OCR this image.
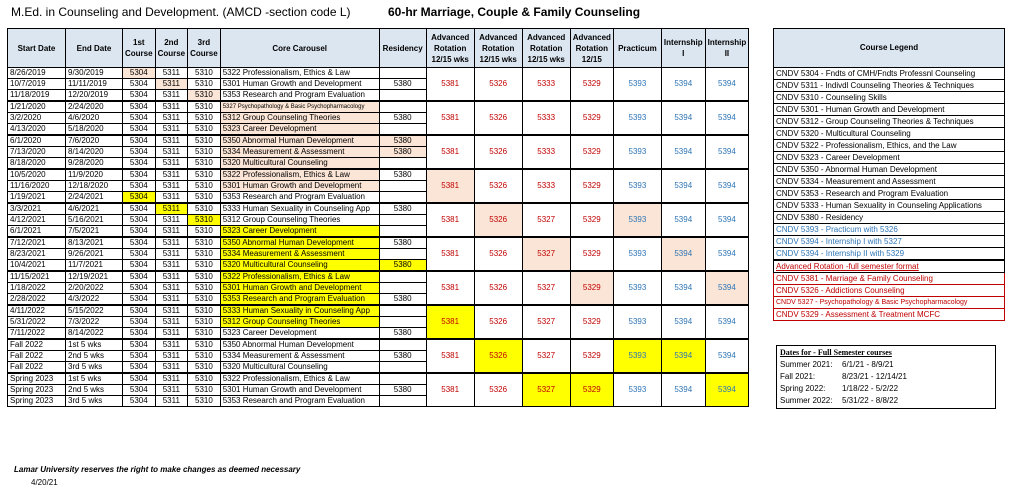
M.Ed. in Counseling and Development. (AMCD -section code L)	60-hr Marriage, Couple & Family Counseling
Start Date	End Date	1st Course	2nd Course	3rd Course	Core Carousel	Residency	Advanced Rotation 12/15 wks	Advanced Rotation 12/15 wks	Advanced Rotation 12/15 wks	Advanced Rotation 12/15	Practicum	Internship I	Internship II
8/26/2019	9/30/2019	5304	5311	5310	5322 Professionalism, Ethics & Law		5381	5326	5333	5329	5393	5394	5394
10/7/2019	11/11/2019	5304	5311	5310	5301 Human Growth and Development	5380							
11/18/2019	12/20/2019	5304	5311	5310	5353 Research and Program Evaluation								
1/21/2020	2/24/2020	5304	5311	5310	5327 Psychopathology & Basic Psychopharmacology		5381	5326	5333	5329	5393	5394	5394
3/2/2020	4/6/2020	5304	5311	5310	5312 Group Counseling Theories	5380							
4/13/2020	5/18/2020	5304	5311	5310	5323 Career Development								
6/1/2020	7/6/2020	5304	5311	5310	5350 Abnormal Human Development	5380	5381	5326	5333	5329	5393	5394	5394
7/13/2020	8/14/2020	5304	5311	5310	5334 Measurement & Assessment	5380							
8/18/2020	9/28/2020	5304	5311	5310	5320 Multicultural Counseling								
10/5/2020	11/9/2020	5304	5311	5310	5322 Professionalism, Ethics & Law	5380	5381	5326	5333	5329	5393	5394	5394
11/16/2020	12/18/2020	5304	5311	5310	5301 Human Growth and Development								
1/19/2021	2/24/2021	5304	5311	5310	5353 Research and Program Evaluation								
3/3/2021	4/6/2021	5304	5311	5310	5333 Human Sexuality in Counseling App	5380	5381	5326	5327	5329	5393	5394	5394
4/12/2021	5/16/2021	5304	5311	5310	5312 Group Counseling Theories								
6/1/2021	7/5/2021	5304	5311	5310	5323 Career Development								
7/12/2021	8/13/2021	5304	5311	5310	5350 Abnormal Human Development	5380	5381	5326	5327	5329	5393	5394	5394
8/23/2021	9/26/2021	5304	5311	5310	5334 Measurement & Assessment								
10/4/2021	11/7/2021	5304	5311	5310	5320 Multicultural Counseling	5380							
11/15/2021	12/19/2021	5304	5311	5310	5322 Professionalism, Ethics & Law		5381	5326	5327	5329	5393	5394	5394
1/18/2022	2/20/2022	5304	5311	5310	5301 Human Growth and Development								
2/28/2022	4/3/2022	5304	5311	5310	5353 Research and Program Evaluation	5380							
4/11/2022	5/15/2022	5304	5311	5310	5333 Human Sexuality in Counseling App		5381	5326	5327	5329	5393	5394	5394
5/31/2022	7/3/2022	5304	5311	5310	5312 Group Counseling Theories								
7/11/2022	8/14/2022	5304	5311	5310	5323 Career Development	5380							
Fall 2022	1st 5 wks	5304	5311	5310	5350 Abnormal Human Development		5381	5326	5327	5329	5393	5394	5394
Fall 2022	2nd 5 wks	5304	5311	5310	5334 Measurement & Assessment	5380							
Fall 2022	3rd 5 wks	5304	5311	5310	5320 Multicultural Counseling								
Spring 2023	1st 5 wks	5304	5311	5310	5322 Professionalism, Ethics & Law		5381	5326	5327	5329	5393	5394	5394
Spring 2023	2nd 5 wks	5304	5311	5310	5301 Human Growth and Development	5380							
Spring 2023	3rd 5 wks	5304	5311	5310	5353 Research and Program Evaluation								
Course Legend
CNDV 5304 - Fndts of CMH/Fndts Professnl Counseling
CNDV 5311 - Indivdl Counseling Theories & Techniques
CNDV 5310 - Counseling Skills
CNDV 5301 - Human Growth and Development
CNDV 5312 - Group Counseling Theories & Techniques
CNDV 5320 - Multicultural Counseling
CNDV 5322 - Professionalism, Ethics, and the Law
CNDV 5323 - Career Development
CNDV 5350 - Abnormal Human Development
CNDV 5334 - Measurement and Assessment
CNDV 5353 - Research and Program Evaluation
CNDV 5333 - Human Sexuality in Counseling Applications
CNDV 5380 - Residency
CNDV 5393 - Practicum with 5326
CNDV 5394 - Internship I with 5327
CNDV 5394 - Internship II with 5329
Advanced Rotation -full semester format
CNDV 5381 - Marriage & Family Counseling
CNDV 5326 - Addictions Counseling
CNDV 5327 - Psychopathology & Basic Psychopharmacology
CNDV 5329 - Assessment & Treatment MCFC
Dates for - Full Semester courses
Summer 2021: 6/1/21 - 8/9/21
Fall 2021:	8/23/21 - 12/14/21
Spring 2022: 1/18/22 - 5/2/22
Summer 2022: 5/31/22 - 8/8/22
Lamar University reserves the right to make changes as deemed necessary
4/20/21
